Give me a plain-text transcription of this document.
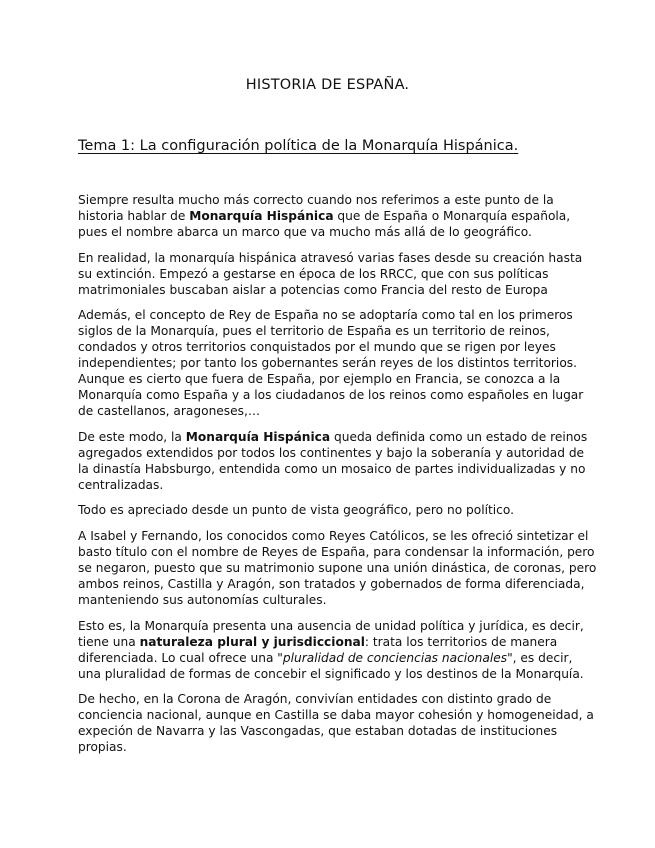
HISTORIA DE ESPAÑA.
Tema 1: La configuración política de la Monarquía Hispánica.

Siempre resulta mucho más correcto cuando nos referimos a este punto de la
historia hablar de Monarquía Hispánica que de España o Monarquía española,
pues el nombre abarca un marco que va mucho más allá de lo geográfico.

En realidad, la monarquía hispánica atravesó varias fases desde su creación hasta
su extinción. Empezó a gestarse en época de los RRCC, que con sus políticas
matrimoniales buscaban aislar a potencias como Francia del resto de Europa

Además, el concepto de Rey de España no se adoptaría como tal en los primeros
siglos de la Monarquía, pues el territorio de España es un territorio de reinos,
condados y otros territorios conquistados por el mundo que se rigen por leyes
independientes; por tanto los gobernantes serán reyes de los distintos territorios.
Aunque es cierto que fuera de España, por ejemplo en Francia, se conozca a la
Monarquía como España y a los ciudadanos de los reinos como españoles en lugar
de castellanos, aragoneses,…

De este modo, la Monarquía Hispánica queda definida como un estado de reinos
agregados extendidos por todos los continentes y bajo la soberanía y autoridad de
la dinastía Habsburgo, entendida como un mosaico de partes individualizadas y no
centralizadas.

Todo es apreciado desde un punto de vista geográfico, pero no político.

A Isabel y Fernando, los conocidos como Reyes Católicos, se les ofreció sintetizar el
basto título con el nombre de Reyes de España, para condensar la información, pero
se negaron, puesto que su matrimonio supone una unión dinástica, de coronas, pero
ambos reinos, Castilla y Aragón, son tratados y gobernados de forma diferenciada,
manteniendo sus autonomías culturales.

Esto es, la Monarquía presenta una ausencia de unidad política y jurídica, es decir,
tiene una naturaleza plural y jurisdiccional: trata los territorios de manera
diferenciada. Lo cual ofrece una "pluralidad de conciencias nacionales", es decir,
una pluralidad de formas de concebir el significado y los destinos de la Monarquía.

De hecho, en la Corona de Aragón, convivían entidades con distinto grado de
conciencia nacional, aunque en Castilla se daba mayor cohesión y homogeneidad, a
expeción de Navarra y las Vascongadas, que estaban dotadas de instituciones
propias.
